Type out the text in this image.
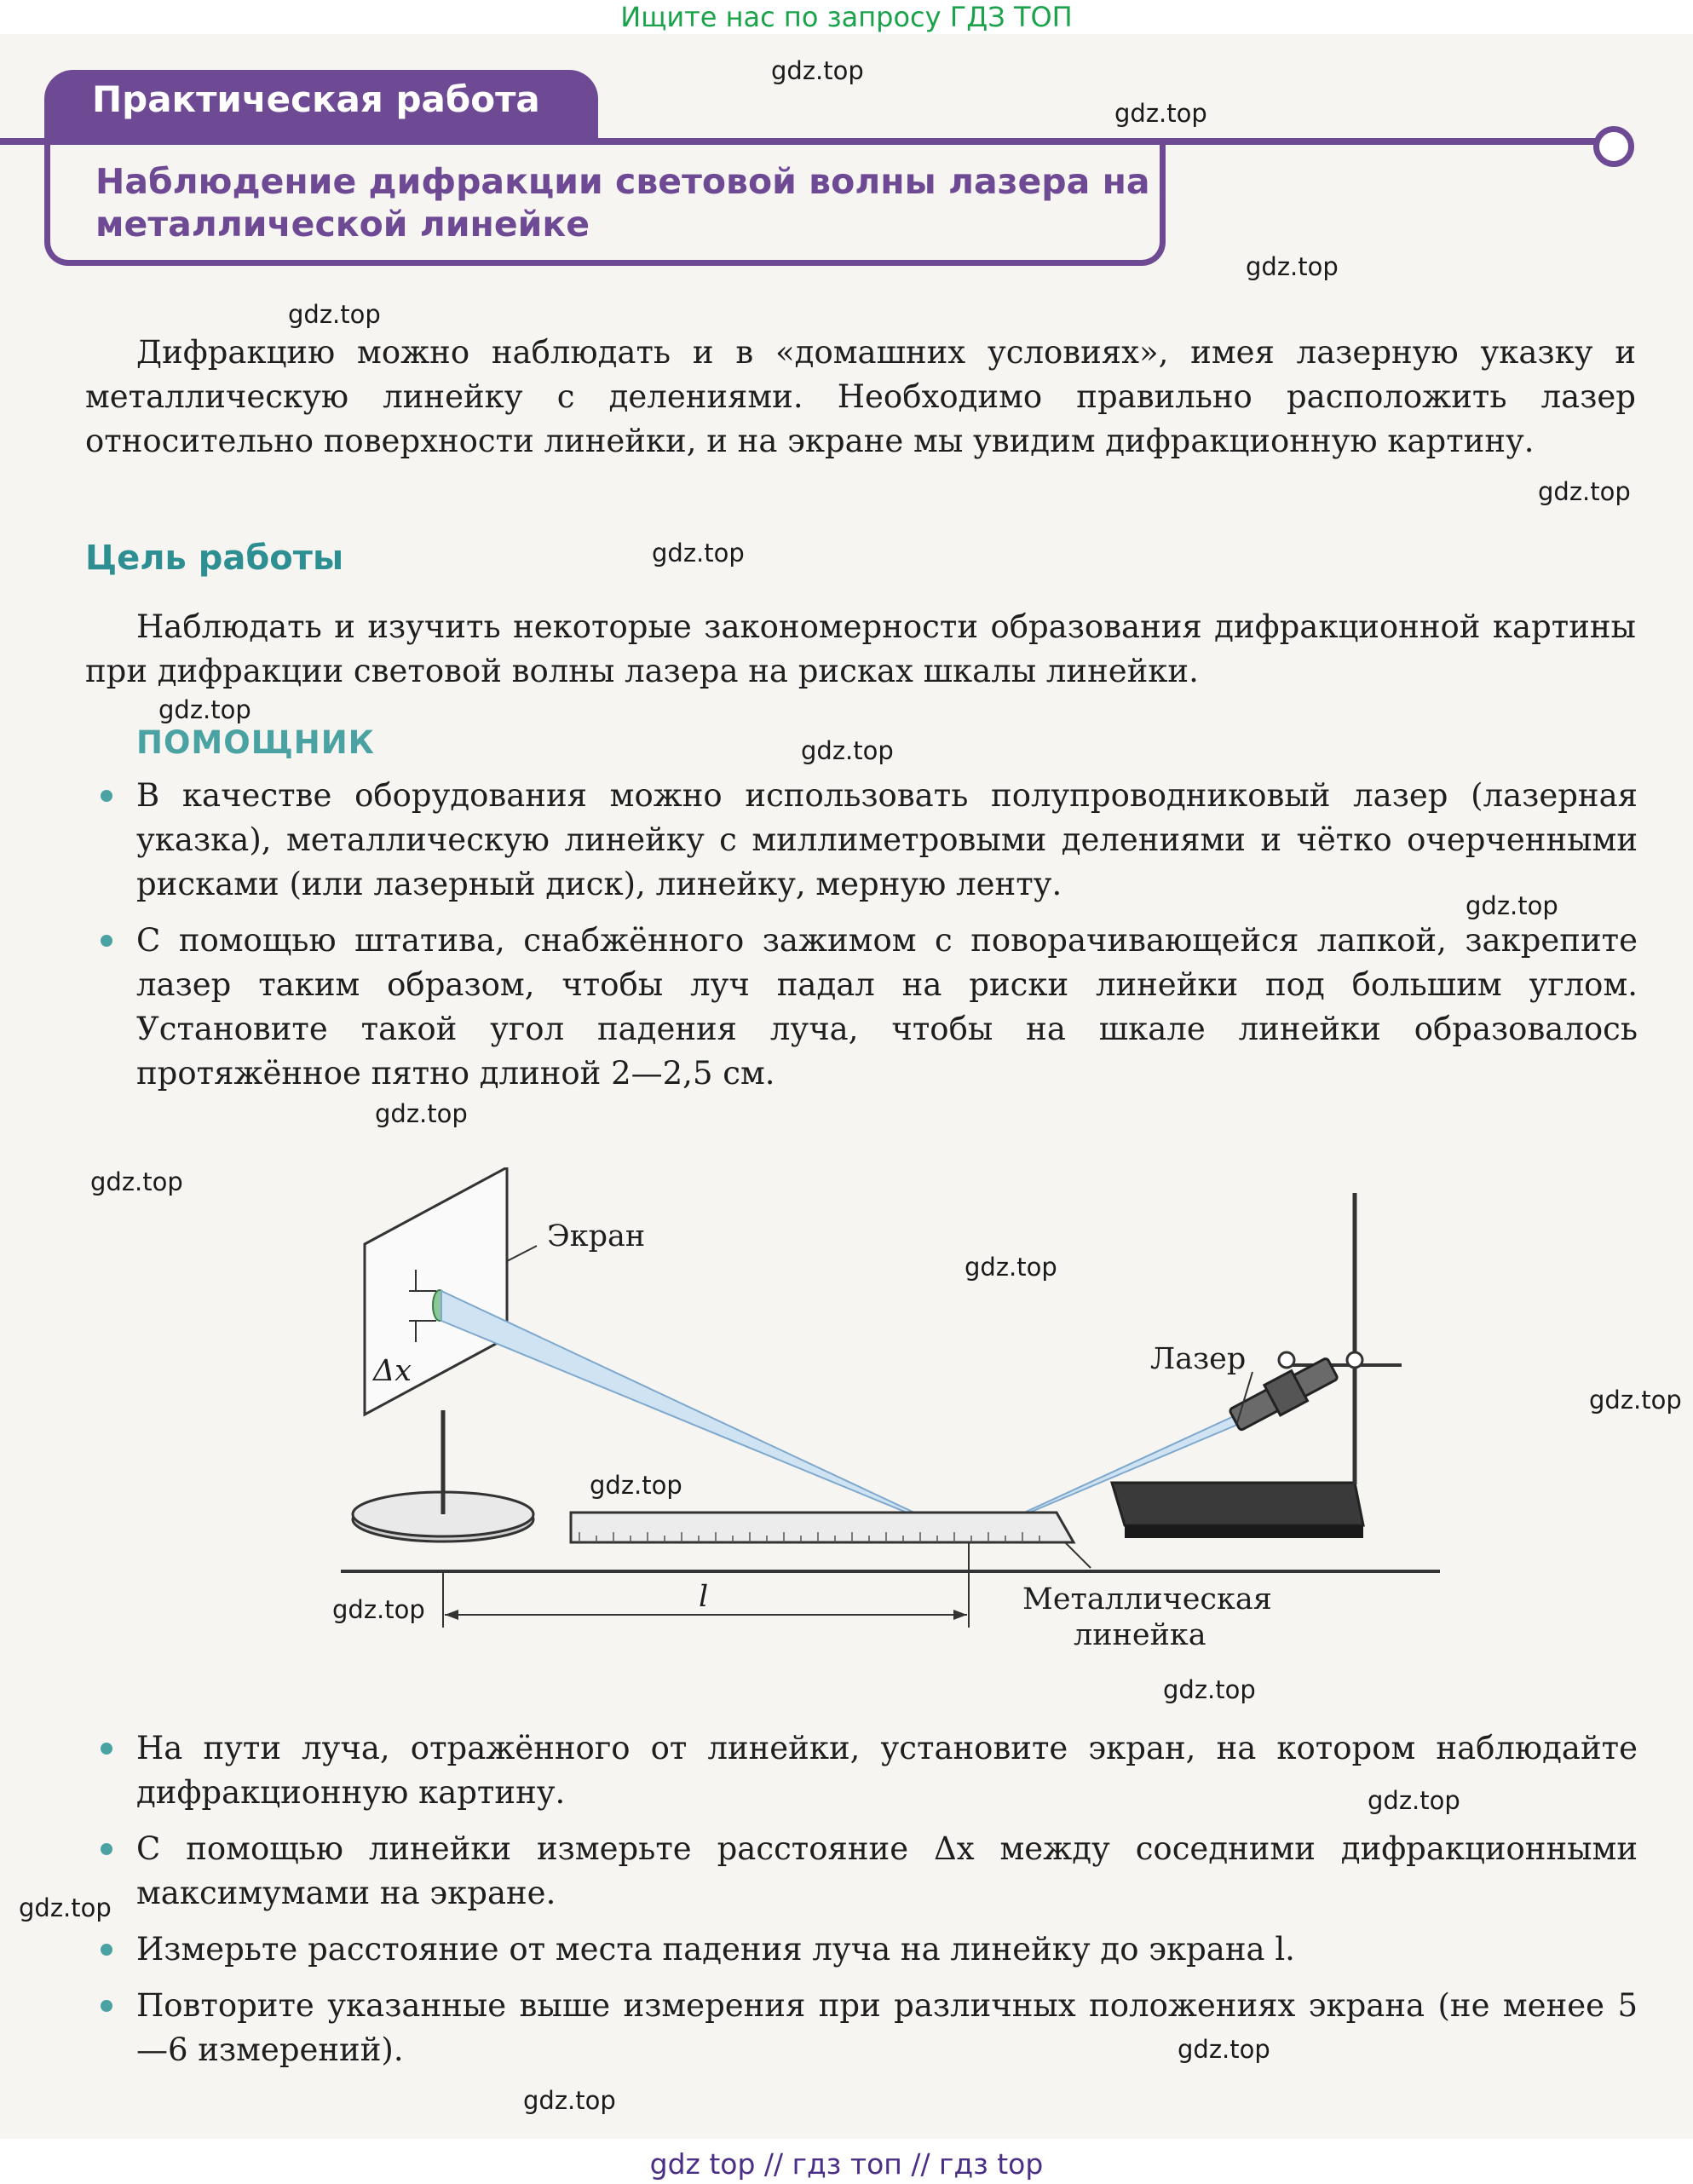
Ищите нас по запросу ГДЗ ТОП
Практическая работа
Наблюдение дифракции световой волны лазера на металлической линейке
Дифракцию можно наблюдать и в «домашних условиях», имея лазерную указку и металлическую линейку с делениями. Необходимо правильно расположить лазер относительно поверхности линейки, и на экране мы увидим дифракционную картину.
Цель работы
Наблюдать и изучить некоторые закономерности образования дифракционной картины при дифракции световой волны лазера на рисках шкалы линейки.
ПОМОЩНИК
В качестве оборудования можно использовать полупроводниковый лазер (лазерная указка), металлическую линейку с миллиметровыми делениями и чётко очерченными рисками (или лазерный диск), линейку, мерную ленту.
С помощью штатива, снабжённого зажимом с поворачивающейся лапкой, закрепите лазер таким образом, чтобы луч падал на риски линейки под большим углом. Установите такой угол падения луча, чтобы на шкале линейки образовалось протяжённое пятно длиной 2—2,5 см.
Экран
Лазер
Металлическая
линейка
Δx
l
На пути луча, отражённого от линейки, установите экран, на котором наблюдайте дифракционную картину.
С помощью линейки измерьте расстояние Δx между соседними дифракционными максимумами на экране.
Измерьте расстояние от места падения луча на линейку до экрана l.
Повторите указанные выше измерения при различных положениях экрана (не менее 5—6 измерений).
gdz.top
gdz.top
gdz.top
gdz.top
gdz.top
gdz.top
gdz.top
gdz.top
gdz.top
gdz.top
gdz.top
gdz.top
gdz.top
gdz.top
gdz.top
gdz.top
gdz.top
gdz.top
gdz.top
gdz.top
gdz top // гдз топ // гдз top
